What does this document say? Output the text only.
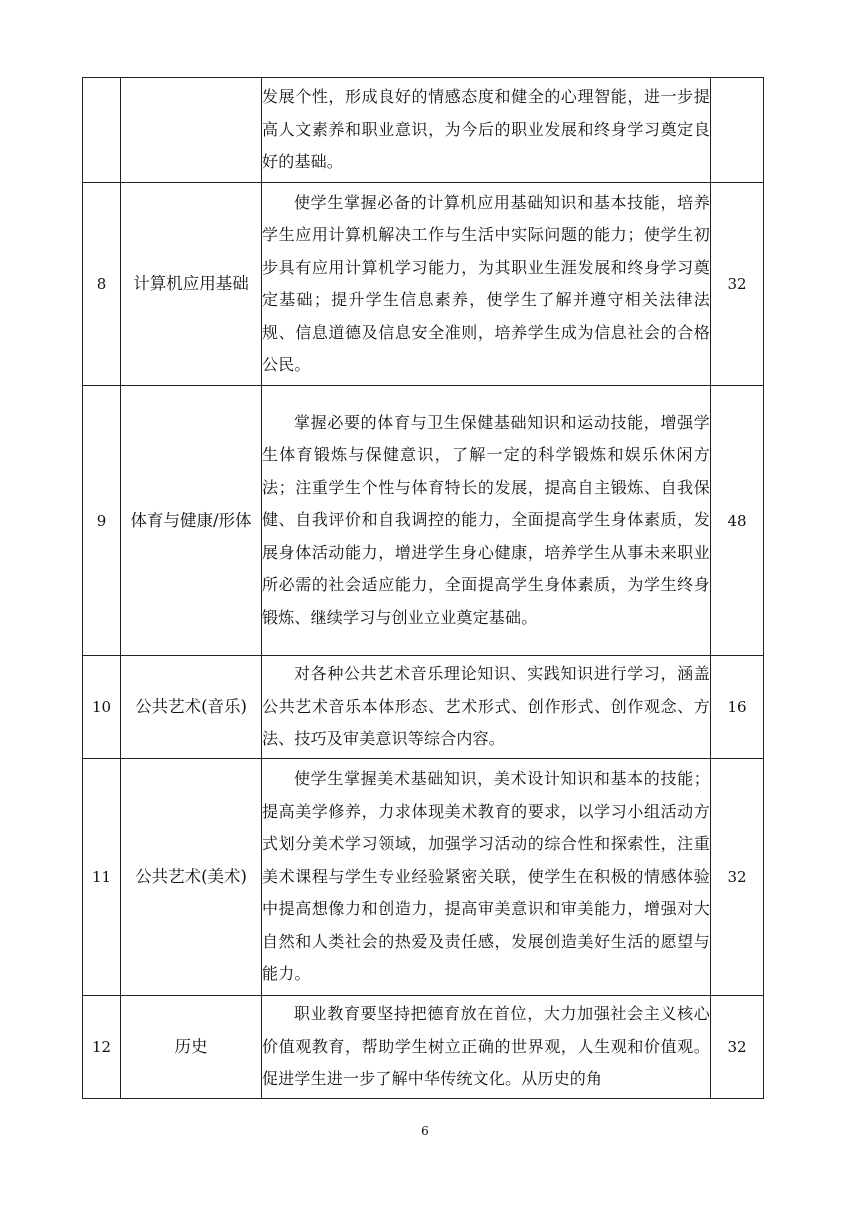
		发展个性，形成良好的情感态度和健全的心理智能，进一步提高人文素养和职业意识，为今后的职业发展和终身学习奠定良好的基础。	

8	计算机应用基础	使学生掌握必备的计算机应用基础知识和基本技能，培养学生应用计算机解决工作与生活中实际问题的能力；使学生初步具有应用计算机学习能力，为其职业生涯发展和终身学习奠定基础；提升学生信息素养，使学生了解并遵守相关法律法规、信息道德及信息安全准则，培养学生成为信息社会的合格公民。	32
9	体育与健康/形体	掌握必要的体育与卫生保健基础知识和运动技能，增强学生体育锻炼与保健意识，了解一定的科学锻炼和娱乐休闲方法；注重学生个性与体育特长的发展，提高自主锻炼、自我保健、自我评价和自我调控的能力，全面提高学生身体素质，发展身体活动能力，增进学生身心健康，培养学生从事未来职业所必需的社会适应能力，全面提高学生身体素质，为学生终身锻炼、继续学习与创业立业奠定基础。	48
10	公共艺术(音乐)	对各种公共艺术音乐理论知识、实践知识进行学习，涵盖公共艺术音乐本体形态、艺术形式、创作形式、创作观念、方法、技巧及审美意识等综合内容。	16
11	公共艺术(美术)	使学生掌握美术基础知识，美术设计知识和基本的技能；提高美学修养，力求体现美术教育的要求，以学习小组活动方式划分美术学习领域，加强学习活动的综合性和探索性，注重美术课程与学生专业经验紧密关联，使学生在积极的情感体验中提高想像力和创造力，提高审美意识和审美能力，增强对大自然和人类社会的热爱及责任感，发展创造美好生活的愿望与能力。	32
12	历史	职业教育要坚持把德育放在首位，大力加强社会主义核心价值观教育，帮助学生树立正确的世界观，人生观和价值观。促进学生进一步了解中华传统文化。从历史的角	32
6
